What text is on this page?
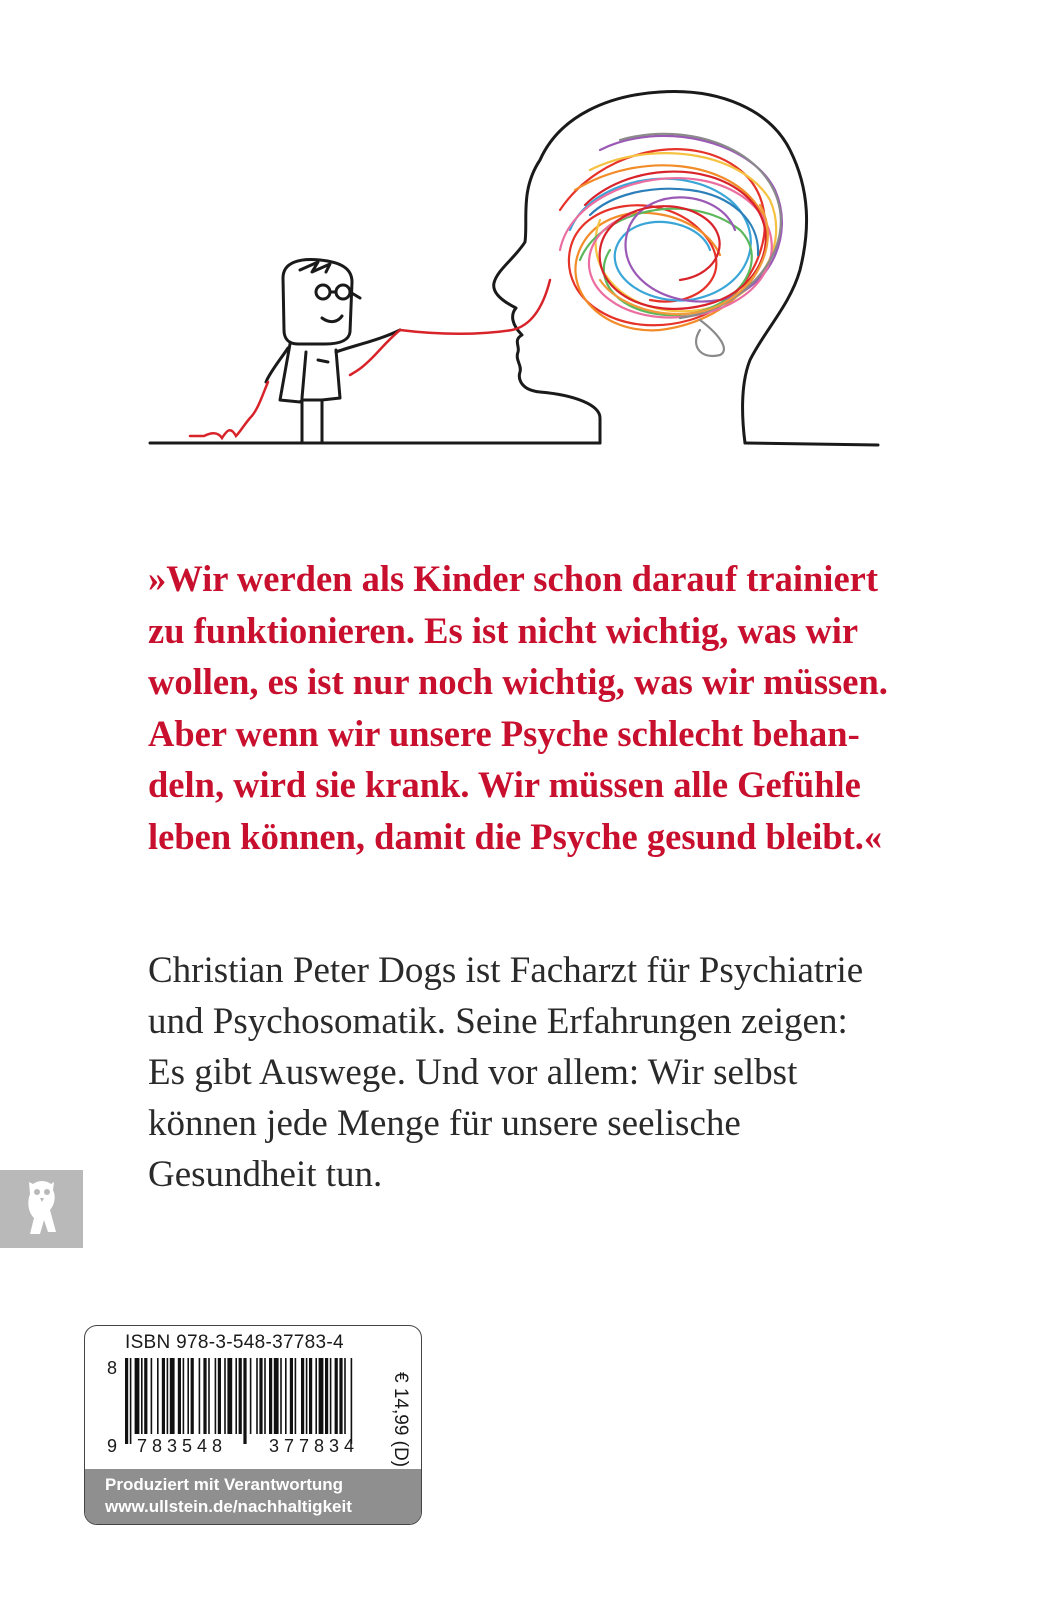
»Wir werden als Kinder schon darauf trainiert
zu funktionieren. Es ist nicht wichtig, was wir
wollen, es ist nur noch wichtig, was wir müssen.
Aber wenn wir unsere Psyche schlecht behan-
deln, wird sie krank. Wir müssen alle Gefühle
leben können, damit die Psyche gesund bleibt.«

Christian Peter Dogs ist Facharzt für Psychiatrie
und Psychosomatik. Seine Erfahrungen zeigen:
Es gibt Auswege. Und vor allem: Wir selbst
können jede Menge für unsere seelische
Gesundheit tun.

ISBN 978-3-548-37783-4
8
9 783548 377834 € 14,99 (D)
Produziert mit Verantwortung
www.ullstein.de/nachhaltigkeit
